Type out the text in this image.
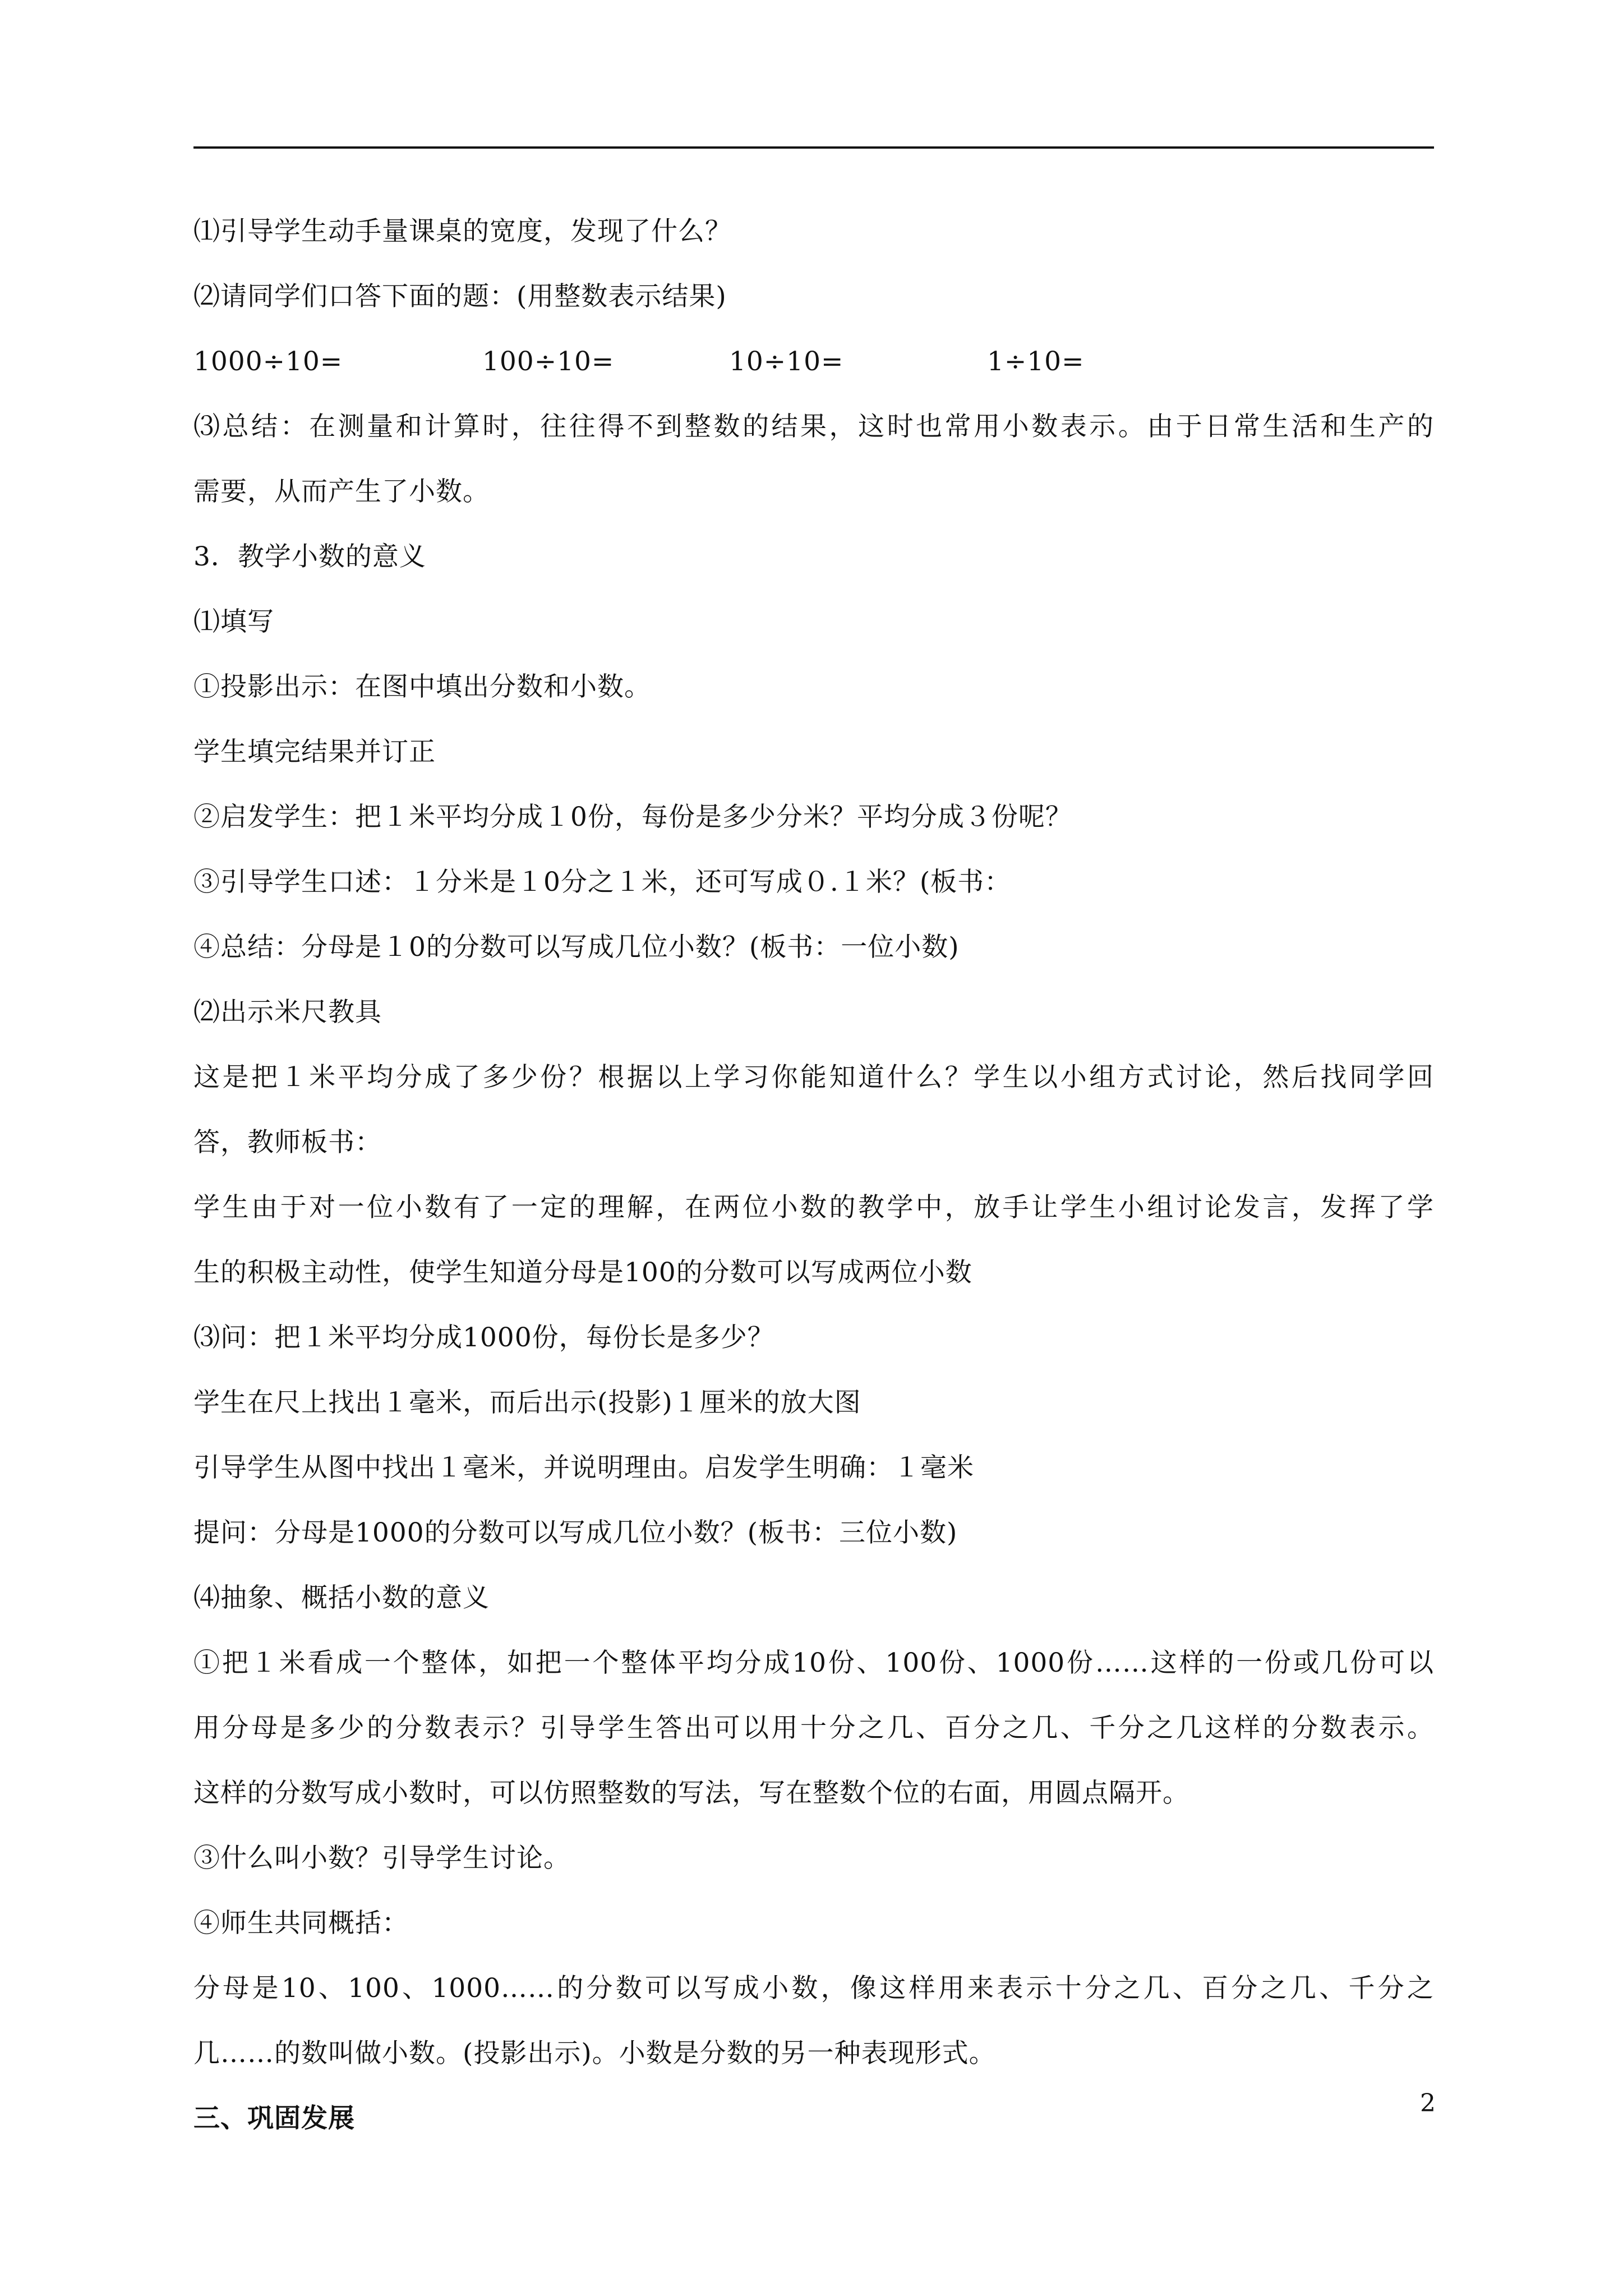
⑴引导学生动手量课桌的宽度，发现了什么？
⑵请同学们口答下面的题：(用整数表示结果)
1000÷10=	100÷10=	10÷10=	1÷10=
⑶总结：在测量和计算时，往往得不到整数的结果，这时也常用小数表示。由于日常生活和生产的
需要，从而产生了小数。
3．教学小数的意义
⑴填写
①投影出示：在图中填出分数和小数。
学生填完结果并订正
②启发学生：把１米平均分成１0份，每份是多少分米？平均分成３份呢？
③引导学生口述：１分米是１0分之１米，还可写成０.１米？(板书：
④总结：分母是１0的分数可以写成几位小数？(板书：一位小数)
⑵出示米尺教具
这是把１米平均分成了多少份？根据以上学习你能知道什么？学生以小组方式讨论，然后找同学回
答，教师板书：
学生由于对一位小数有了一定的理解，在两位小数的教学中，放手让学生小组讨论发言，发挥了学
生的积极主动性，使学生知道分母是100的分数可以写成两位小数
⑶问：把１米平均分成1000份，每份长是多少？
学生在尺上找出１毫米，而后出示(投影)１厘米的放大图
引导学生从图中找出１毫米，并说明理由。启发学生明确：１毫米
提问：分母是1000的分数可以写成几位小数？(板书：三位小数)
⑷抽象、概括小数的意义
①把１米看成一个整体，如把一个整体平均分成10份、100份、1000份……这样的一份或几份可以
用分母是多少的分数表示？引导学生答出可以用十分之几、百分之几、千分之几这样的分数表示。
这样的分数写成小数时，可以仿照整数的写法，写在整数个位的右面，用圆点隔开。
③什么叫小数？引导学生讨论。
④师生共同概括：
分母是10、100、1000……的分数可以写成小数，像这样用来表示十分之几、百分之几、千分之
几……的数叫做小数。(投影出示)。小数是分数的另一种表现形式。
三、巩固发展	2
